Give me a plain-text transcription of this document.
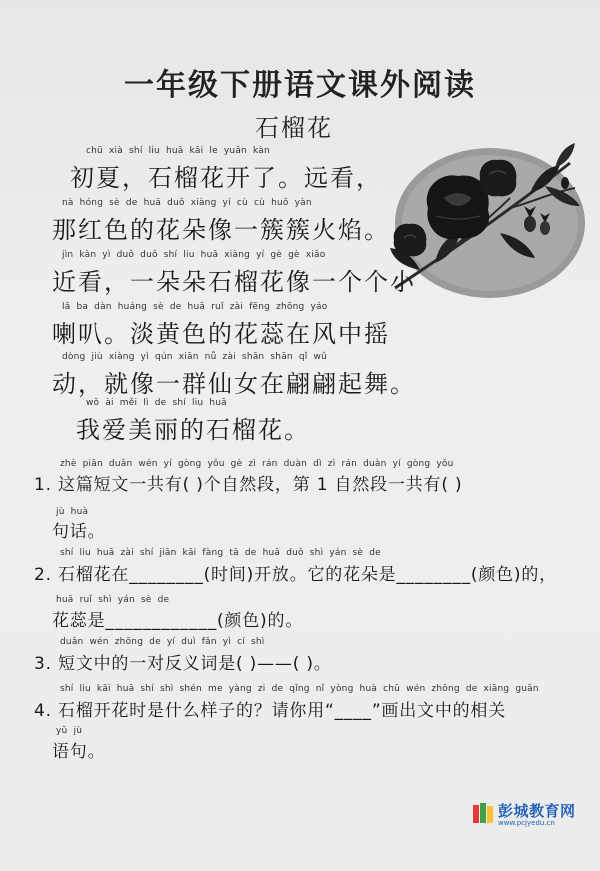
一年级下册语文课外阅读
石榴花
chū xià shí liu huā kāi le yuǎn kàn
初夏，石榴花开了。远看，
nà hóng sè de huā duǒ xiàng yí cù cù huǒ yàn
那红色的花朵像一簇簇火焰。
jìn kàn yì duǒ duǒ shí liu huā xiàng yí gè gè xiǎo
近看，一朵朵石榴花像一个个小
lǎ ba dàn huáng sè de huā ruǐ zài fēng zhōng yáo
喇叭。淡黄色的花蕊在风中摇
dòng jiù xiàng yì qún xiān nǚ zài shān shān qǐ wǔ
动，就像一群仙女在翩翩起舞。
wǒ ài měi lì de shí liu huā
我爱美丽的石榴花。
zhè piān duǎn wén yí gòng yǒu gè zì rán duàn dì zì rán duàn yí gòng yǒu
1. 这篇短文一共有( )个自然段，第 1 自然段一共有( )
jù huà
句话。
shí liu huā zài shí jiān kāi fàng tā de huā duǒ shì yán sè de
2. 石榴花在________(时间)开放。它的花朵是________(颜色)的，
huā ruǐ shì yán sè de
花蕊是____________(颜色)的。
duǎn wén zhōng de yí duì fǎn yì cí shì
3. 短文中的一对反义词是( )——( )。
shí liu kāi huā shí shì shén me yàng zi de qǐng nǐ yòng huà chū wén zhōng de xiāng guān
4. 石榴开花时是什么样子的？请你用“____”画出文中的相关
yǔ jù
语句。
彭城教育网
www.pcjyedu.cn
